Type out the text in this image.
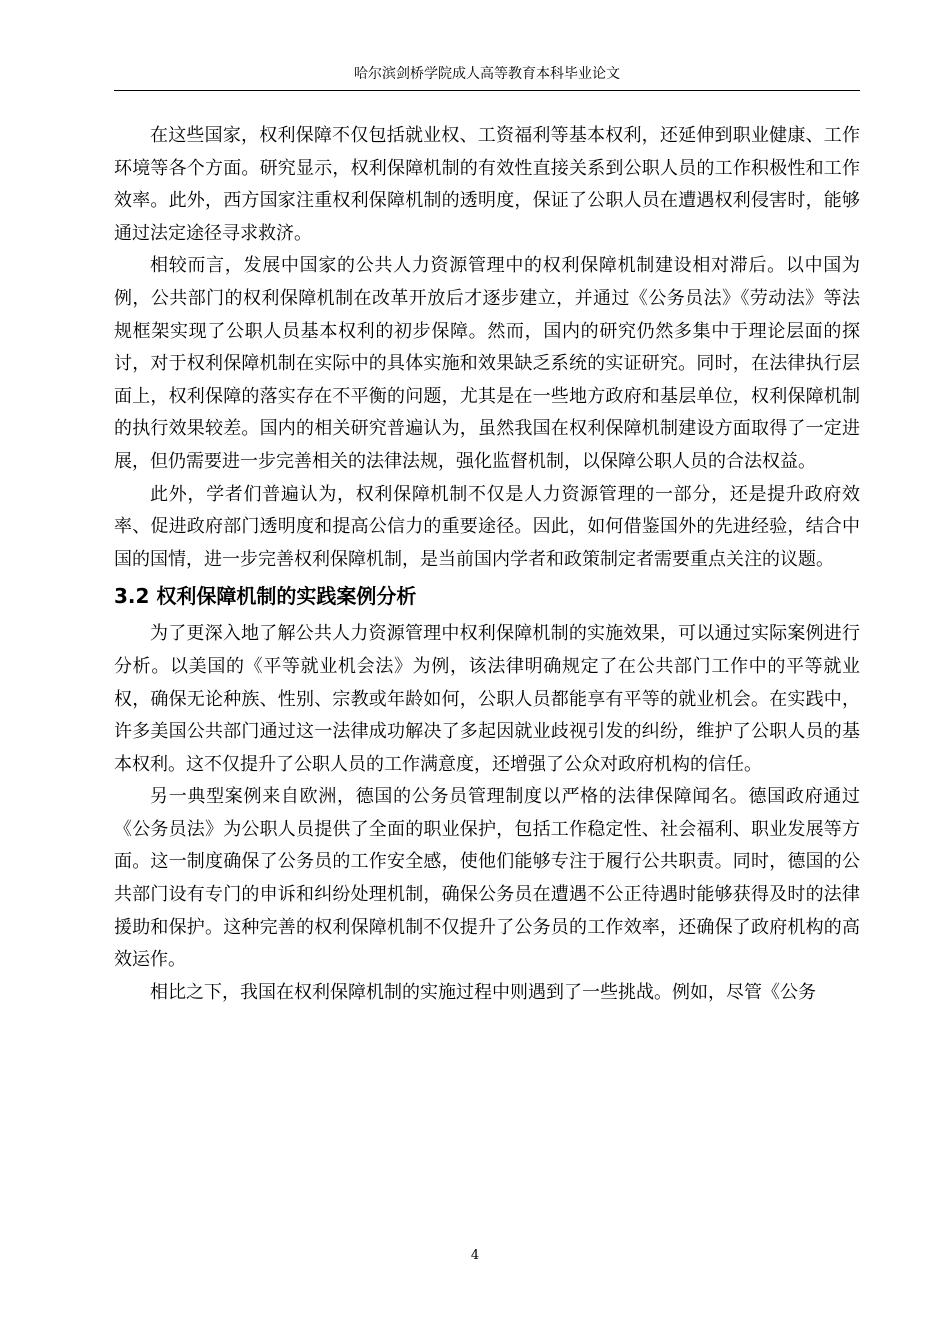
哈尔滨剑桥学院成人高等教育本科毕业论文

在这些国家，权利保障不仅包括就业权、工资福利等基本权利，还延伸到职业健康、工作环境等各个方面。研究显示，权利保障机制的有效性直接关系到公职人员的工作积极性和工作效率。此外，西方国家注重权利保障机制的透明度，保证了公职人员在遭遇权利侵害时，能够通过法定途径寻求救济。

相较而言，发展中国家的公共人力资源管理中的权利保障机制建设相对滞后。以中国为例，公共部门的权利保障机制在改革开放后才逐步建立，并通过《公务员法》《劳动法》等法规框架实现了公职人员基本权利的初步保障。然而，国内的研究仍然多集中于理论层面的探讨，对于权利保障机制在实际中的具体实施和效果缺乏系统的实证研究。同时，在法律执行层面上，权利保障的落实存在不平衡的问题，尤其是在一些地方政府和基层单位，权利保障机制的执行效果较差。国内的相关研究普遍认为，虽然我国在权利保障机制建设方面取得了一定进展，但仍需要进一步完善相关的法律法规，强化监督机制，以保障公职人员的合法权益。

此外，学者们普遍认为，权利保障机制不仅是人力资源管理的一部分，还是提升政府效率、促进政府部门透明度和提高公信力的重要途径。因此，如何借鉴国外的先进经验，结合中国的国情，进一步完善权利保障机制，是当前国内学者和政策制定者需要重点关注的议题。

3.2 权利保障机制的实践案例分析

为了更深入地了解公共人力资源管理中权利保障机制的实施效果，可以通过实际案例进行分析。以美国的《平等就业机会法》为例，该法律明确规定了在公共部门工作中的平等就业权，确保无论种族、性别、宗教或年龄如何，公职人员都能享有平等的就业机会。在实践中，许多美国公共部门通过这一法律成功解决了多起因就业歧视引发的纠纷，维护了公职人员的基本权利。这不仅提升了公职人员的工作满意度，还增强了公众对政府机构的信任。

另一典型案例来自欧洲，德国的公务员管理制度以严格的法律保障闻名。德国政府通过《公务员法》为公职人员提供了全面的职业保护，包括工作稳定性、社会福利、职业发展等方面。这一制度确保了公务员的工作安全感，使他们能够专注于履行公共职责。同时，德国的公共部门设有专门的申诉和纠纷处理机制，确保公务员在遭遇不公正待遇时能够获得及时的法律援助和保护。这种完善的权利保障机制不仅提升了公务员的工作效率，还确保了政府机构的高效运作。

相比之下，我国在权利保障机制的实施过程中则遇到了一些挑战。例如，尽管《公务

4
